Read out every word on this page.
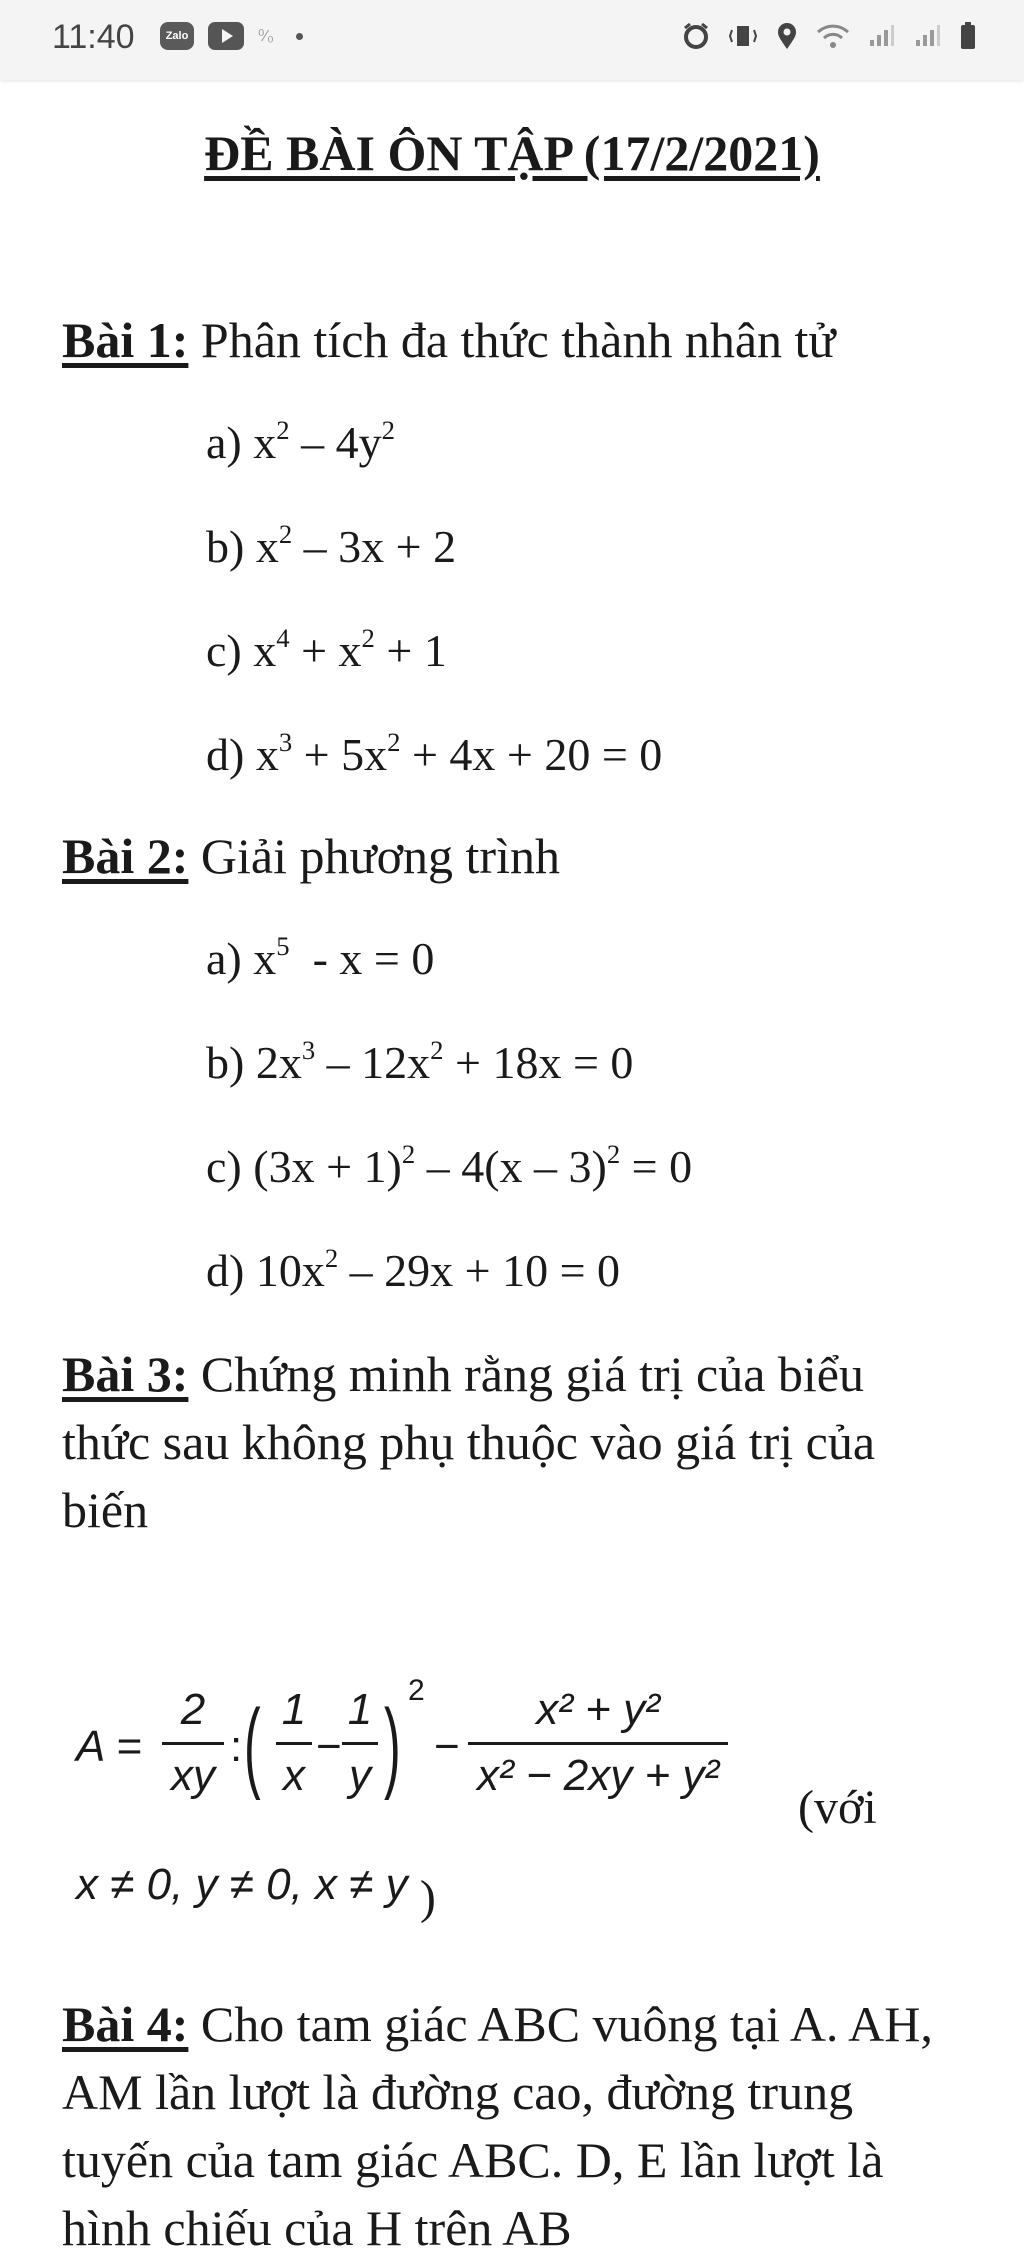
11:40	Zalo	⁰⁄₀
ĐỀ BÀI ÔN TẬP (17/2/2021)
Bài 1: Phân tích đa thức thành nhân tử
a) $x^2 - 4y^2$
b) $x^2 - 3x + 2$
c) $x^4 + x^2 + 1$
d) $x^3 + 5x^2 + 4x + 20 = 0$
Bài 2: Giải phương trình
a) $x^5 - x = 0$
b) $2x^3 - 12x^2 + 18x = 0$
c) $(3x + 1)^2 - 4(x - 3)^2 = 0$
d) $10x^2 - 29x + 10 = 0$
Bài 3: Chứng minh rằng giá trị của biểu thức sau không phụ thuộc vào giá trị của biến
A =
2
xy
: ( 1
x
−
1
y ) 2
−
x² + y²
x² − 2xy + y²
(với
x ≠ 0, y ≠ 0, x ≠ y )
Bài 4: Cho tam giác ABC vuông tại A. AH, AM lần lượt là đường cao, đường trung tuyến của tam giác ABC. D, E lần lượt là hình chiếu của H trên AB
